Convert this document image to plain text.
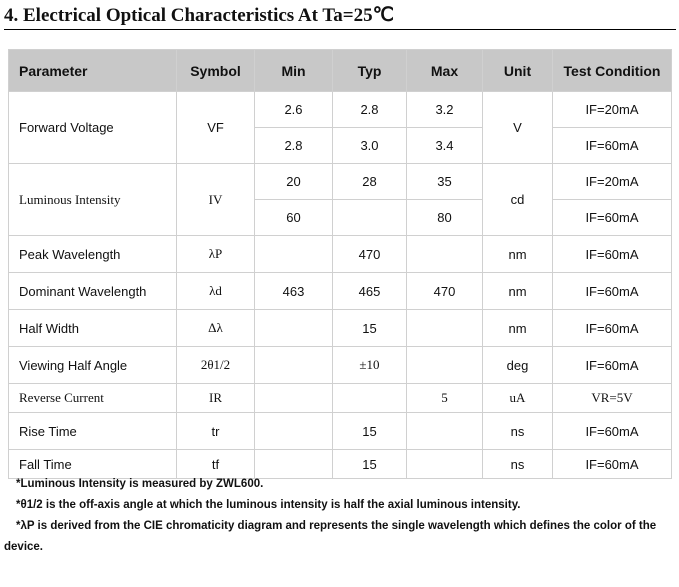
4. Electrical Optical Characteristics At Ta=25℃
Parameter	Symbol	Min	Typ	Max	Unit	Test Condition
Forward Voltage	VF	2.6	2.8	3.2	V	IF=20mA
		2.8	3.0	3.4		IF=60mA
Luminous Intensity	IV	20	28	35	cd	IF=20mA
		60		80		IF=60mA
Peak Wavelength	λP		470		nm	IF=60mA
Dominant Wavelength	λd	463	465	470	nm	IF=60mA
Half Width	Δλ		15		nm	IF=60mA
Viewing Half Angle	2θ1/2		±10		deg	IF=60mA
Reverse Current	IR			5	uA	VR=5V
Rise Time	tr		15		ns	IF=60mA
Fall Time	tf		15		ns	IF=60mA
*Luminous Intensity is measured by ZWL600.
*θ1/2 is the off-axis angle at which the luminous intensity is half the axial luminous intensity.
*λP is derived from the CIE chromaticity diagram and represents the single wavelength which defines the color of the
device.
